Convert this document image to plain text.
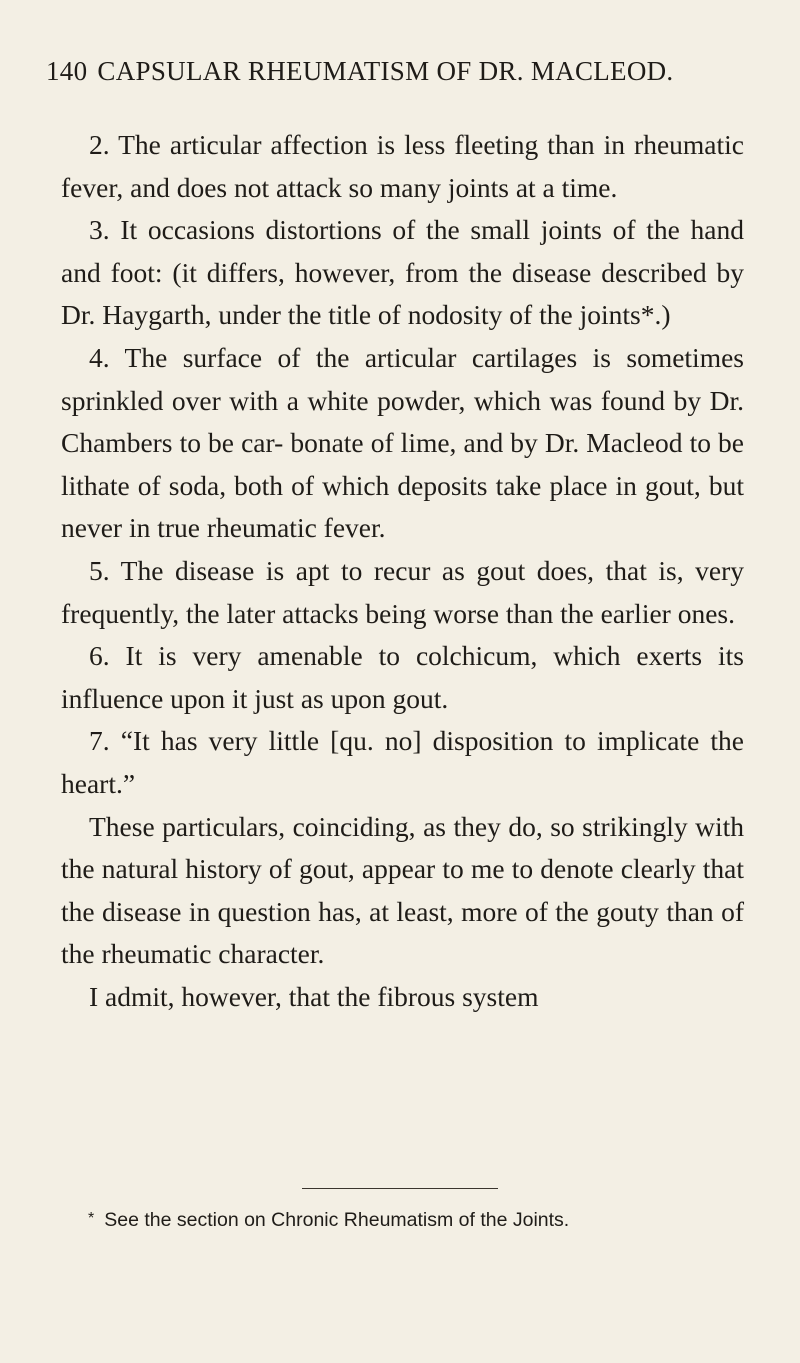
140 CAPSULAR RHEUMATISM OF DR. MACLEOD.

2. The articular affection is less fleeting than in rheumatic fever, and does not attack so many joints at a time.

3. It occasions distortions of the small joints of the hand and foot: (it differs, however, from the disease described by Dr. Haygarth, under the title of nodosity of the joints*.)

4. The surface of the articular cartilages is sometimes sprinkled over with a white powder, which was found by Dr. Chambers to be car- bonate of lime, and by Dr. Macleod to be lithate of soda, both of which deposits take place in gout, but never in true rheumatic fever.

5. The disease is apt to recur as gout does, that is, very frequently, the later attacks being worse than the earlier ones.

6. It is very amenable to colchicum, which exerts its influence upon it just as upon gout.

7. “It has very little [qu. no] disposition to implicate the heart.”

These particulars, coinciding, as they do, so strikingly with the natural history of gout, appear to me to denote clearly that the disease in question has, at least, more of the gouty than of the rheumatic character.

I admit, however, that the fibrous system

* See the section on Chronic Rheumatism of the Joints.
